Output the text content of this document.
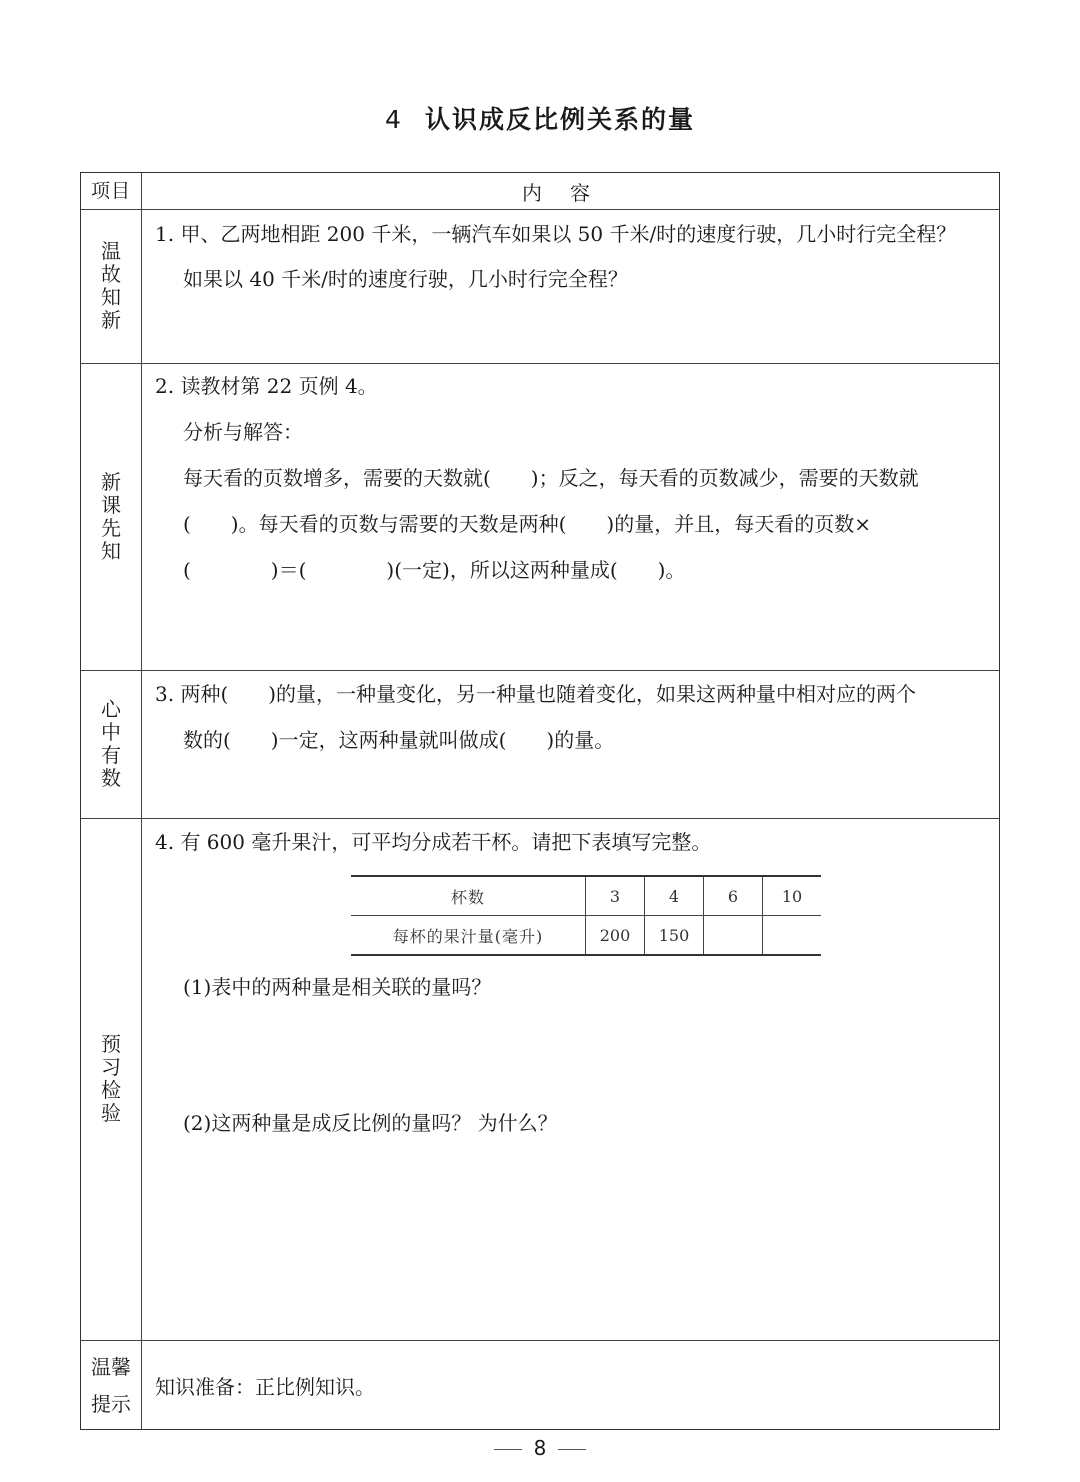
4 认识成反比例关系的量
项目	内容
温
故
知
新
1. 甲、乙两地相距 200 千米，一辆汽车如果以 50 千米/时的速度行驶，几小时行完全程？
如果以 40 千米/时的速度行驶，几小时行完全程？
新
课
先
知
2. 读教材第 22 页例 4。
分析与解答：
每天看的页数增多，需要的天数就(　　)；反之，每天看的页数减少，需要的天数就
(　　)。每天看的页数与需要的天数是两种(　　)的量，并且，每天看的页数×
(　　　　)＝(　　　　)(一定)，所以这两种量成(　　)。
心
中
有
数
3. 两种(　　)的量，一种量变化，另一种量也随着变化，如果这两种量中相对应的两个
数的(　　)一定，这两种量就叫做成(　　)的量。
预
习
检
验
4. 有 600 毫升果汁，可平均分成若干杯。请把下表填写完整。
(1)表中的两种量是相关联的量吗？
(2)这两种量是成反比例的量吗？ 为什么？
杯数	3	4	6	10
每杯的果汁量(毫升)	200	150		
温馨
提示
知识准备：正比例知识。
8
